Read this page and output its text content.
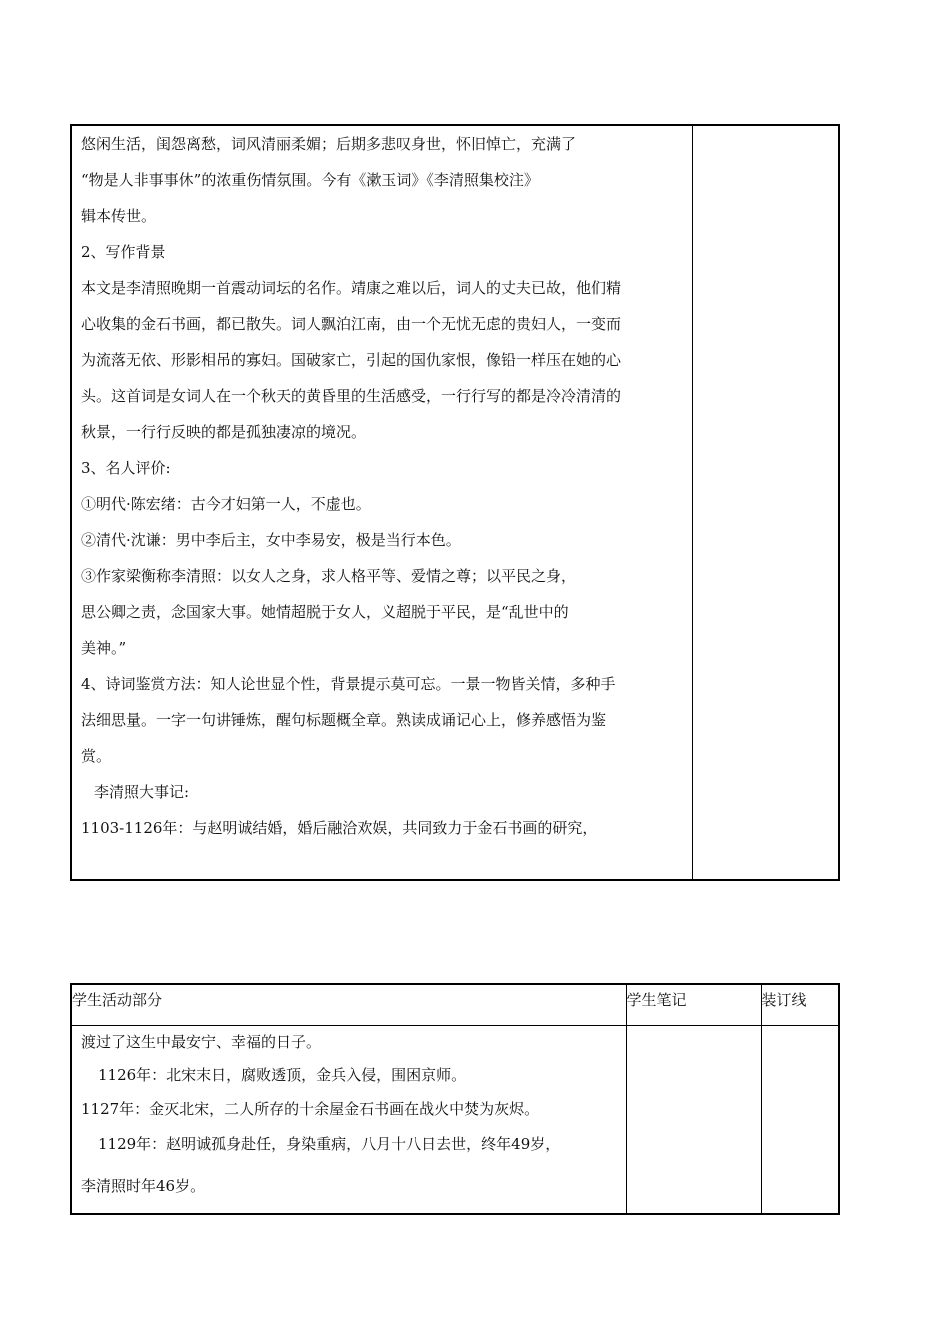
悠闲生活，闺怨离愁，词风清丽柔媚；后期多悲叹身世，怀旧悼亡，充满了
“物是人非事事休”的浓重伤情氛围。今有《漱玉词》《李清照集校注》
辑本传世。
2、写作背景
本文是李清照晚期一首震动词坛的名作。靖康之难以后，词人的丈夫已故，他们精
心收集的金石书画，都已散失。词人飘泊江南，由一个无忧无虑的贵妇人，一变而
为流落无依、形影相吊的寡妇。国破家亡，引起的国仇家恨，像铅一样压在她的心
头。这首词是女词人在一个秋天的黄昏里的生活感受，一行行写的都是冷冷清清的
秋景，一行行反映的都是孤独凄凉的境况。
3、名人评价:
①明代·陈宏绪：古今才妇第一人，不虚也。
②清代·沈谦：男中李后主，女中李易安，极是当行本色。
③作家梁衡称李清照：以女人之身，求人格平等、爱情之尊；以平民之身，
思公卿之责，念国家大事。她情超脱于女人，义超脱于平民，是“乱世中的
美神。”
4、诗词鉴赏方法：知人论世显个性，背景提示莫可忘。一景一物皆关情，多种手
法细思量。一字一句讲锤炼，醒句标题概全章。熟读成诵记心上，修养感悟为鉴
赏。
李清照大事记:
1103-1126年：与赵明诚结婚，婚后融洽欢娱，共同致力于金石书画的研究，

学生活动部分	学生笔记	装订线

渡过了这生中最安宁、幸福的日子。
1126年：北宋末日，腐败透顶，金兵入侵，围困京师。
1127年：金灭北宋，二人所存的十余屋金石书画在战火中焚为灰烬。
1129年：赵明诚孤身赴任，身染重病，八月十八日去世，终年49岁，
李清照时年46岁。		
